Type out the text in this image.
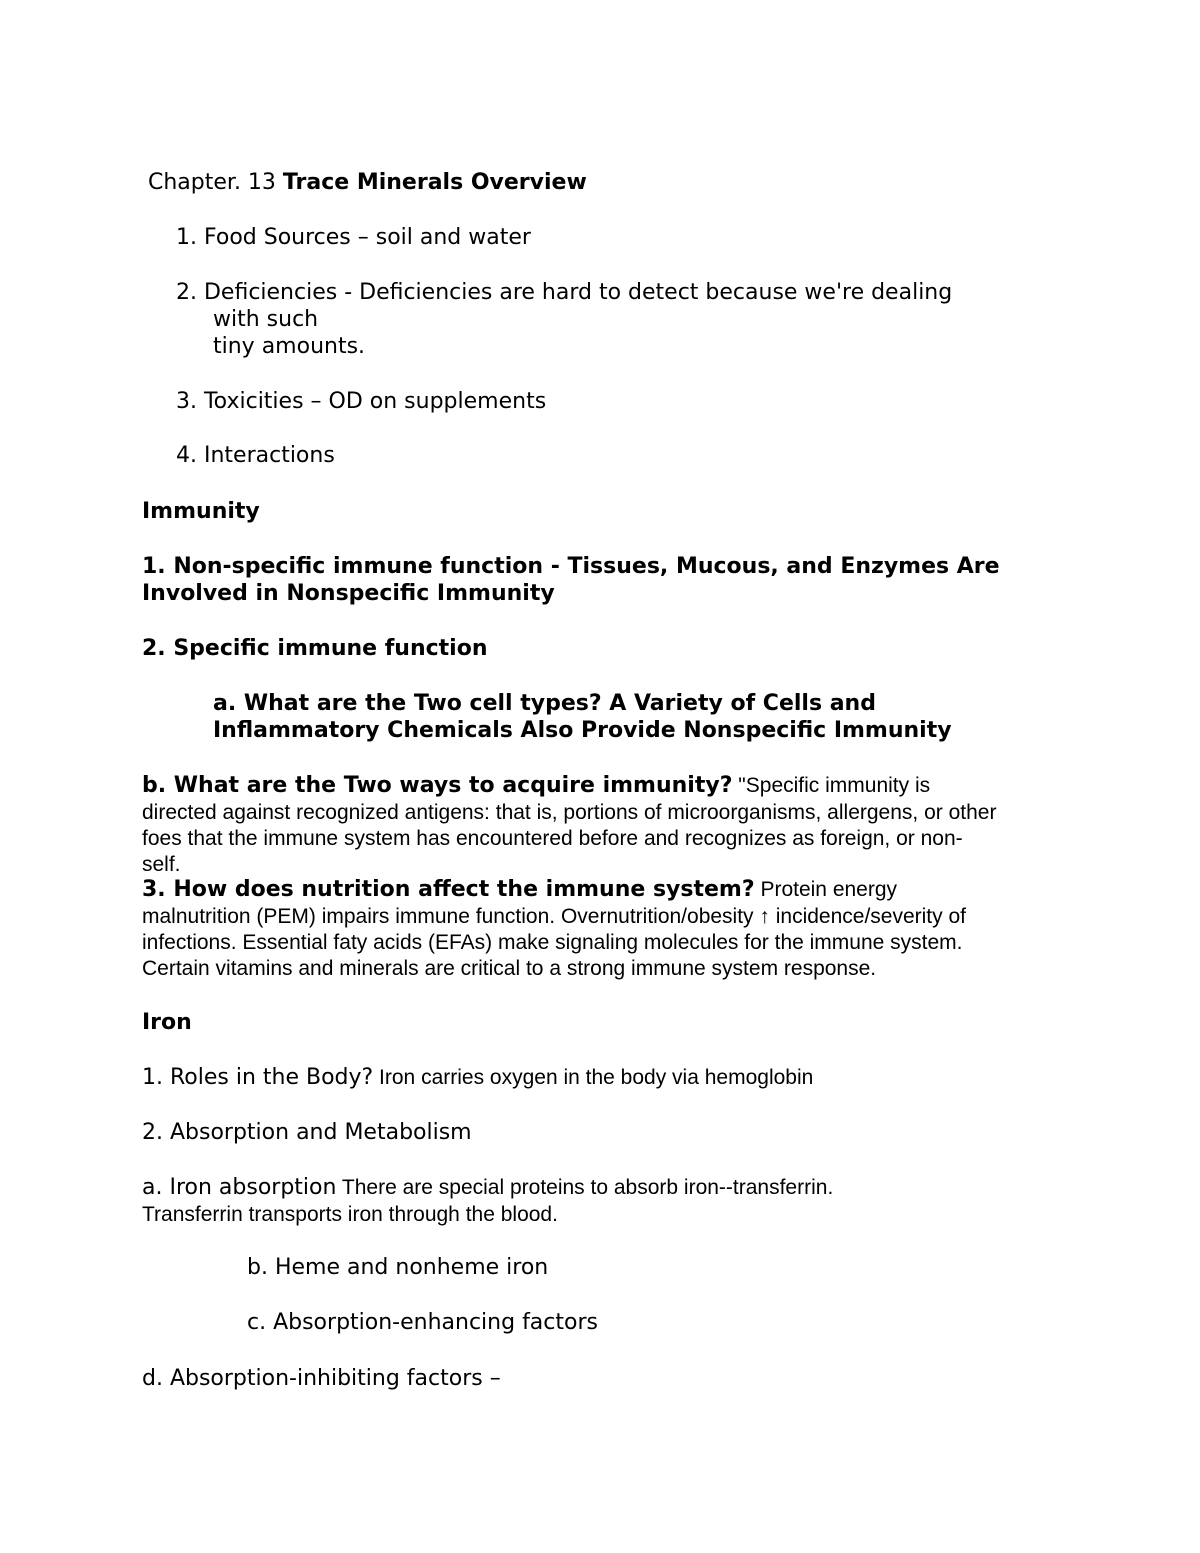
Chapter. 13 Trace Minerals Overview
1. Food Sources – soil and water
2. Deficiencies - Deficiencies are hard to detect because we're dealing
with such
tiny amounts.
3. Toxicities – OD on supplements
4. Interactions
Immunity
1. Non-specific immune function - Tissues, Mucous, and Enzymes Are
Involved in Nonspecific Immunity
2. Specific immune function
a. What are the Two cell types? A Variety of Cells and
Inflammatory Chemicals Also Provide Nonspecific Immunity
b. What are the Two ways to acquire immunity? "Specific immunity is
directed against recognized antigens: that is, portions of microorganisms, allergens, or other
foes that the immune system has encountered before and recognizes as foreign, or non-
self.
3. How does nutrition affect the immune system? Protein energy
malnutrition (PEM) impairs immune function. Overnutrition/obesity ↑ incidence/severity of
infections. Essential faty acids (EFAs) make signaling molecules for the immune system.
Certain vitamins and minerals are critical to a strong immune system response.
Iron
1. Roles in the Body? Iron carries oxygen in the body via hemoglobin
2. Absorption and Metabolism
a. Iron absorption There are special proteins to absorb iron--transferrin.
Transferrin transports iron through the blood.
b. Heme and nonheme iron
c. Absorption-enhancing factors
d. Absorption-inhibiting factors –
